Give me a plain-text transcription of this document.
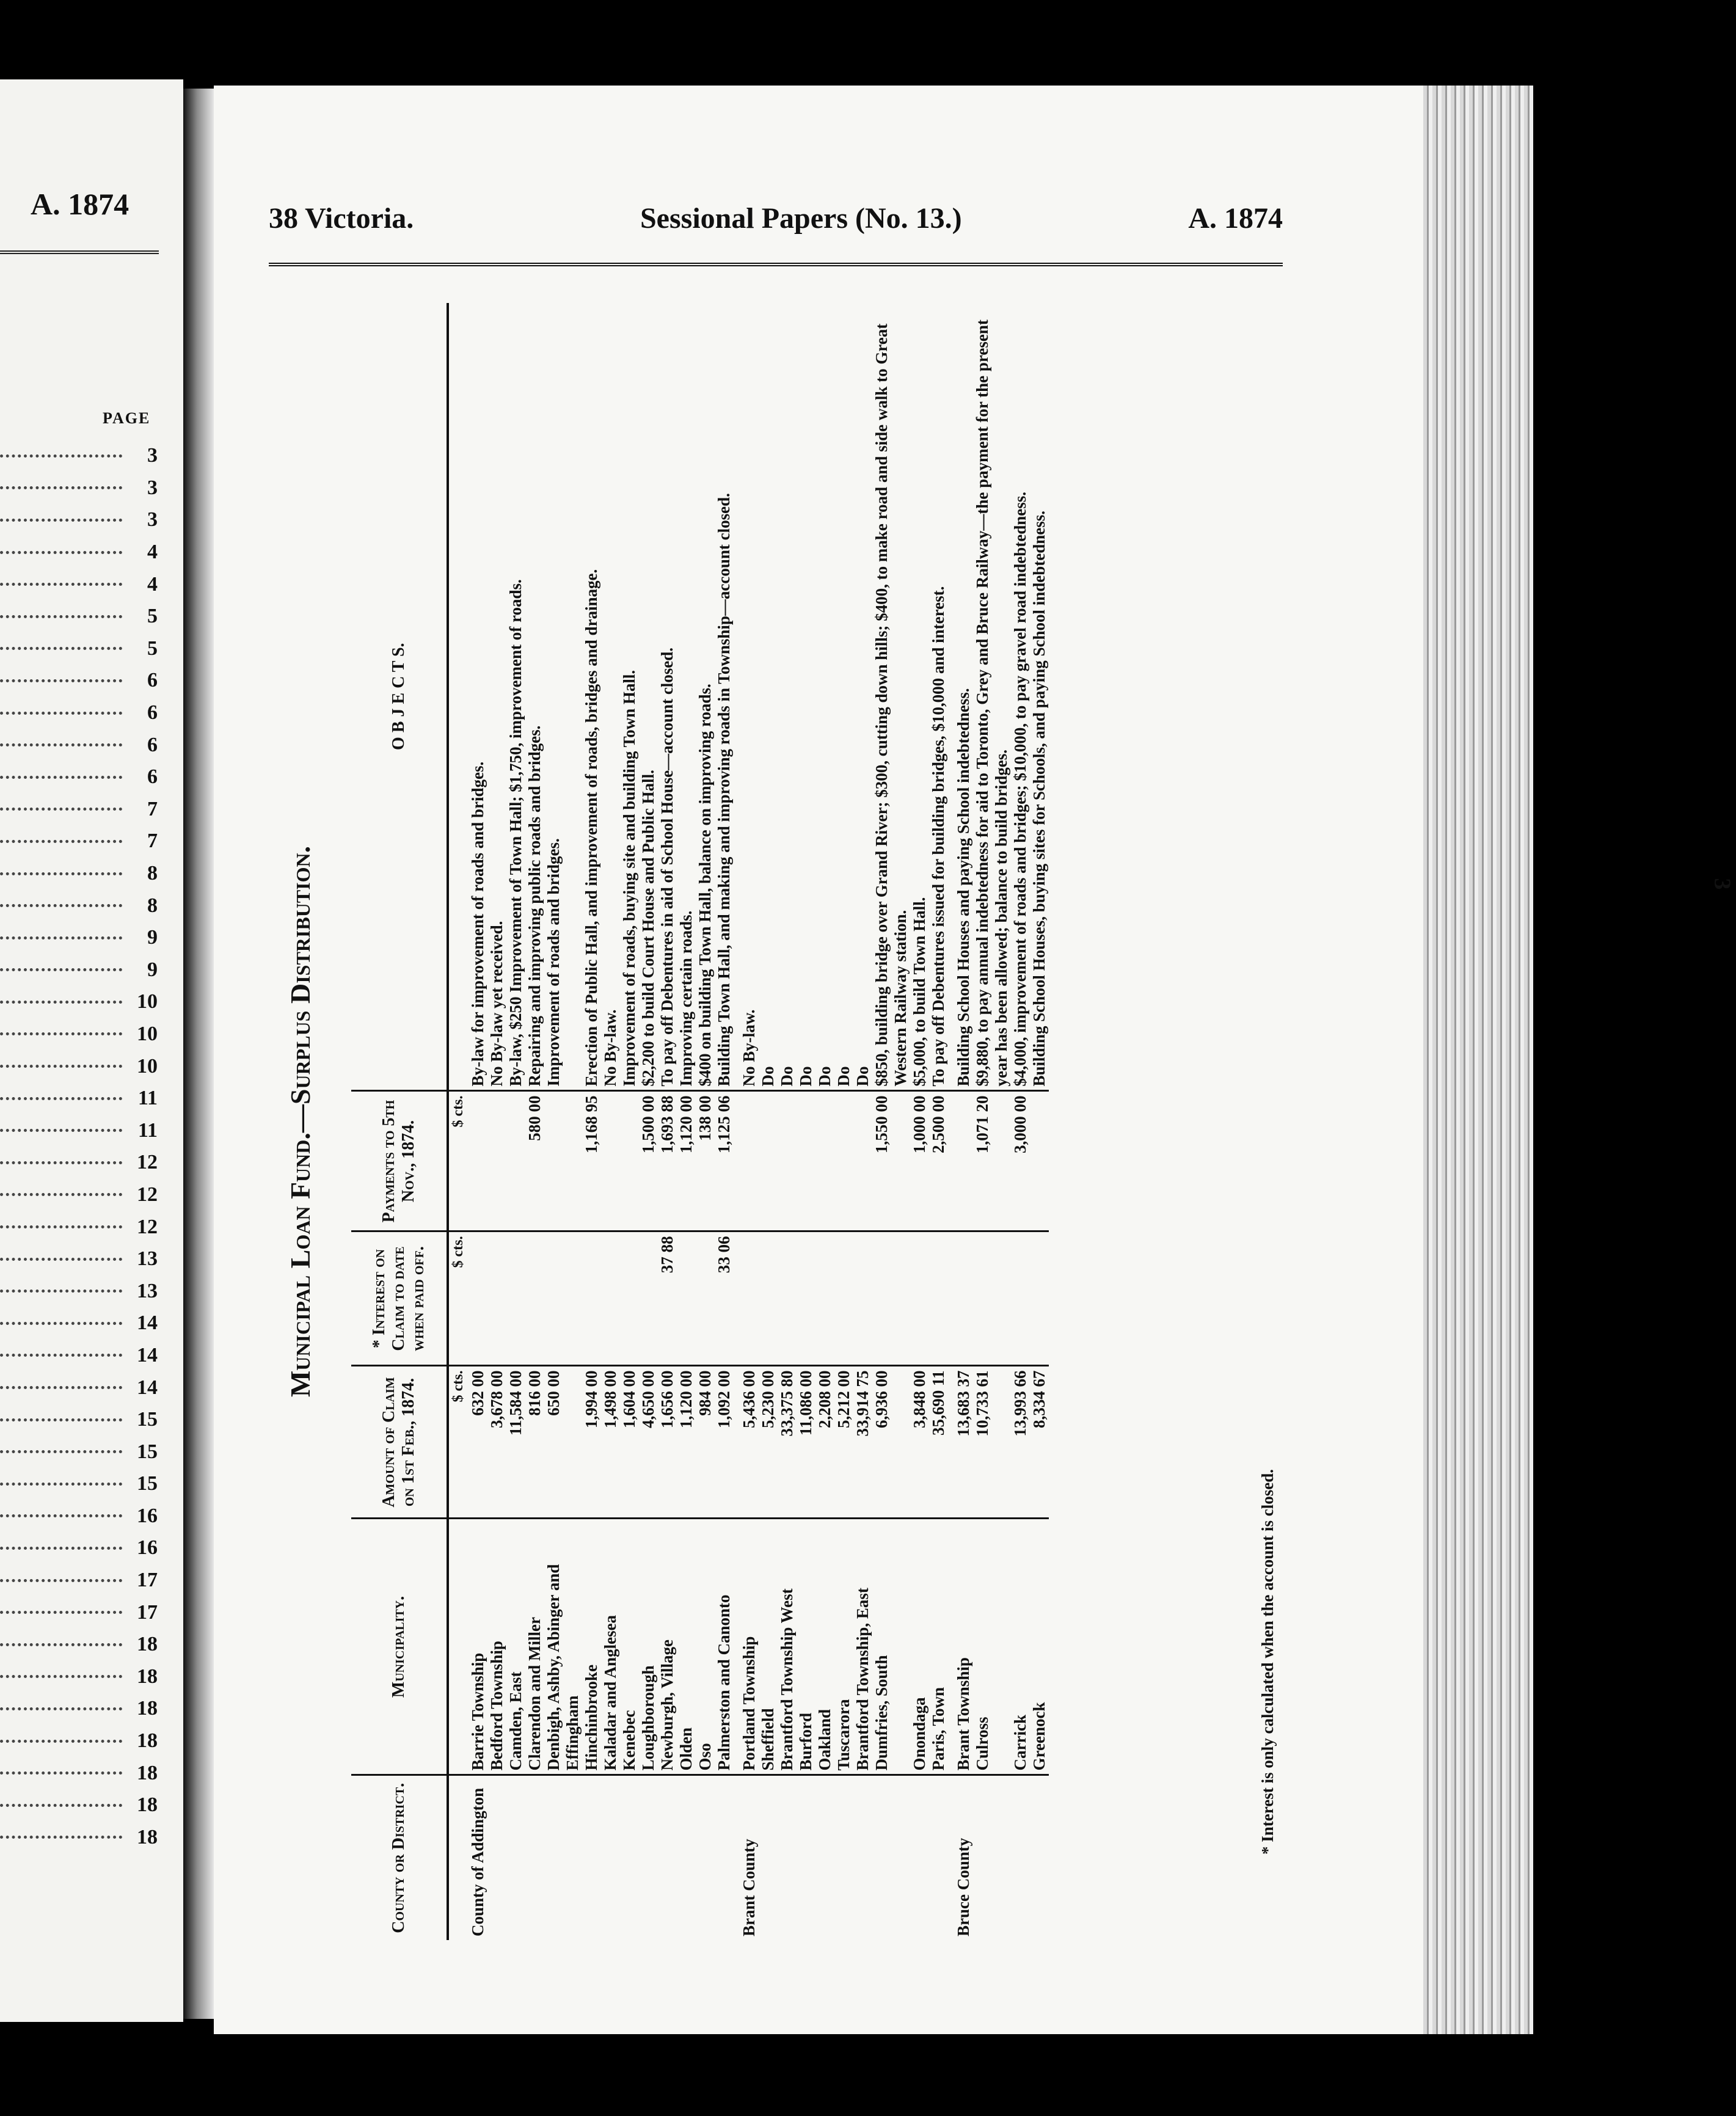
A. 1874
PAGE
3
3
3
4
4
5
5
6
6
6
6
7
7
8
8
9
9
10
10
10
11
11
12
12
12
13
13
14
14
14
15
15
15
16
16
17
17
18
18
18
18
18
18
18
38 Victoria.	Sessional Papers (No. 13.)	A. 1874
Municipal Loan Fund.—Surplus Distribution.
County or District.	Municipality.	Amount of Claim on 1st Feb., 1874.	* Interest on Claim to date when paid off.	Payments to 5th Nov., 1874.	O B J E C T S.
		$ cts.	$ cts.	$ cts.	
County of Addington	Barrie Township	632 00			By-law for improvement of roads and bridges.
	Bedford Township	3,678 00			No By-law yet received.
	Camden, East	11,584 00			By-law, $250 Improvement of Town Hall; $1,750, improvement of roads.
	Clarendon and Miller	816 00		580 00	Repairing and improving public roads and bridges.
	Denbigh, Ashby, Abinger and Effingham	650 00			Improvement of roads and bridges.
	Hinchinbrooke	1,994 00		1,168 95	Erection of Public Hall, and improvement of roads, bridges and drainage.
	Kaladar and Anglesea	1,498 00			No By-law.
	Kenebec	1,604 00			Improvement of roads, buying site and building Town Hall.
	Loughborough	4,650 00		1,500 00	$2,200 to build Court House and Public Hall.
	Newburgh, Village	1,656 00	37 88	1,693 88	To pay off Debentures in aid of School House—account closed.
	Olden	1,120 00		1,120 00	Improving certain roads.
	Oso	984 00		138 00	$400 on building Town Hall, balance on improving roads.
	Palmerston and Canonto	1,092 00	33 06	1,125 06	Building Town Hall, and making and improving roads in Township—account closed.

Brant County	Portland Township	5,436 00			No By-law.
	Sheffield	5,230 00			Do
	Brantford Township West	33,375 80			Do
	Burford	11,086 00			Do
	Oakland	2,208 00			Do
	Tuscarora	5,212 00			Do
	Brantford Township, East	33,914 75			Do
	Dumfries, South	6,936 00		1,550 00	$850, building bridge over Grand River; $300, cutting down hills; $400, to make road and side walk to Great Western Railway station.
	Onondaga	3,848 00		1,000 00	$5,000, to build Town Hall.
	Paris, Town	35,690 11		2,500 00	To pay off Debentures issued for building bridges, $10,000 and interest.

Bruce County	Brant Township	13,683 37			Building School Houses and paying School indebtedness.
	Culross	10,733 61		1,071 20	$9,880, to pay annual indebtedness for aid to Toronto, Grey and Bruce Railway—the payment for the present year has been allowed; balance to build bridges.
	Carrick	13,993 66		3,000 00	$4,000, improvement of roads and bridges; $10,000, to pay gravel road indebtedness.
	Greenock	8,334 67			Building School Houses, buying sites for Schools, and paying School indebtedness.
* Interest is only calculated when the account is closed.
3
